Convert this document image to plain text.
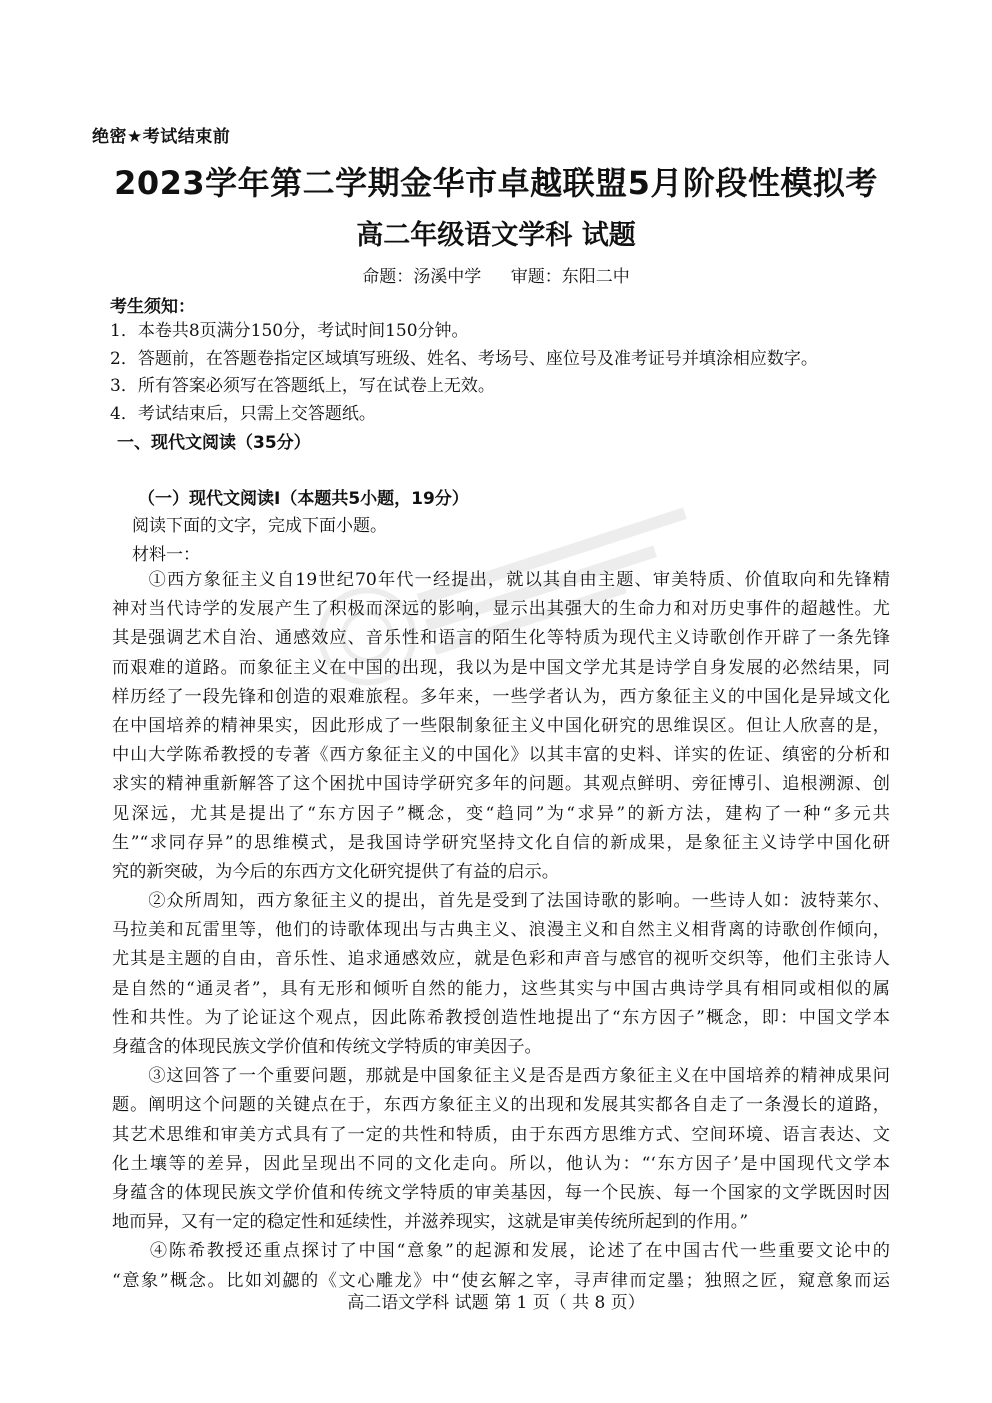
绝密★考试结束前
2023学年第二学期金华市卓越联盟5月阶段性模拟考
高二年级语文学科 试题
命题：汤溪中学 审题：东阳二中
考生须知：
1．本卷共8页满分150分，考试时间150分钟。
2．答题前，在答题卷指定区域填写班级、姓名、考场号、座位号及准考证号并填涂相应数字。
3．所有答案必须写在答题纸上，写在试卷上无效。
4．考试结束后，只需上交答题纸。
一、现代文阅读（35分）
（一）现代文阅读Ⅰ（本题共5小题，19分）
阅读下面的文字，完成下面小题。
材料一：
　　①西方象征主义自19世纪70年代一经提出，就以其自由主题、审美特质、价值取向和先锋精
神对当代诗学的发展产生了积极而深远的影响，显示出其强大的生命力和对历史事件的超越性。尤
其是强调艺术自治、通感效应、音乐性和语言的陌生化等特质为现代主义诗歌创作开辟了一条先锋
而艰难的道路。而象征主义在中国的出现，我以为是中国文学尤其是诗学自身发展的必然结果，同
样历经了一段先锋和创造的艰难旅程。多年来，一些学者认为，西方象征主义的中国化是异域文化
在中国培养的精神果实，因此形成了一些限制象征主义中国化研究的思维误区。但让人欣喜的是，
中山大学陈希教授的专著《西方象征主义的中国化》以其丰富的史料、详实的佐证、缜密的分析和
求实的精神重新解答了这个困扰中国诗学研究多年的问题。其观点鲜明、旁征博引、追根溯源、创
见深远，尤其是提出了“东方因子”概念，变“趋同”为“求异”的新方法，建构了一种“多元共
生”“求同存异”的思维模式，是我国诗学研究坚持文化自信的新成果，是象征主义诗学中国化研
究的新突破，为今后的东西方文化研究提供了有益的启示。
　　②众所周知，西方象征主义的提出，首先是受到了法国诗歌的影响。一些诗人如：波特莱尔、
马拉美和瓦雷里等，他们的诗歌体现出与古典主义、浪漫主义和自然主义相背离的诗歌创作倾向，
尤其是主题的自由，音乐性、追求通感效应，就是色彩和声音与感官的视听交织等，他们主张诗人
是自然的“通灵者”，具有无形和倾听自然的能力，这些其实与中国古典诗学具有相同或相似的属
性和共性。为了论证这个观点，因此陈希教授创造性地提出了“东方因子”概念，即：中国文学本
身蕴含的体现民族文学价值和传统文学特质的审美因子。
　　③这回答了一个重要问题，那就是中国象征主义是否是西方象征主义在中国培养的精神成果问
题。阐明这个问题的关键点在于，东西方象征主义的出现和发展其实都各自走了一条漫长的道路，
其艺术思维和审美方式具有了一定的共性和特质，由于东西方思维方式、空间环境、语言表达、文
化土壤等的差异，因此呈现出不同的文化走向。所以，他认为：“‘东方因子’是中国现代文学本
身蕴含的体现民族文学价值和传统文学特质的审美基因，每一个民族、每一个国家的文学既因时因
地而异，又有一定的稳定性和延续性，并滋养现实，这就是审美传统所起到的作用。”
　　④陈希教授还重点探讨了中国“意象”的起源和发展，论述了在中国古代一些重要文论中的
“意象”概念。比如刘勰的《文心雕龙》中“使玄解之宰，寻声律而定墨；独照之匠，窥意象而运
高二语文学科 试题 第 1 页（ 共 8 页）
